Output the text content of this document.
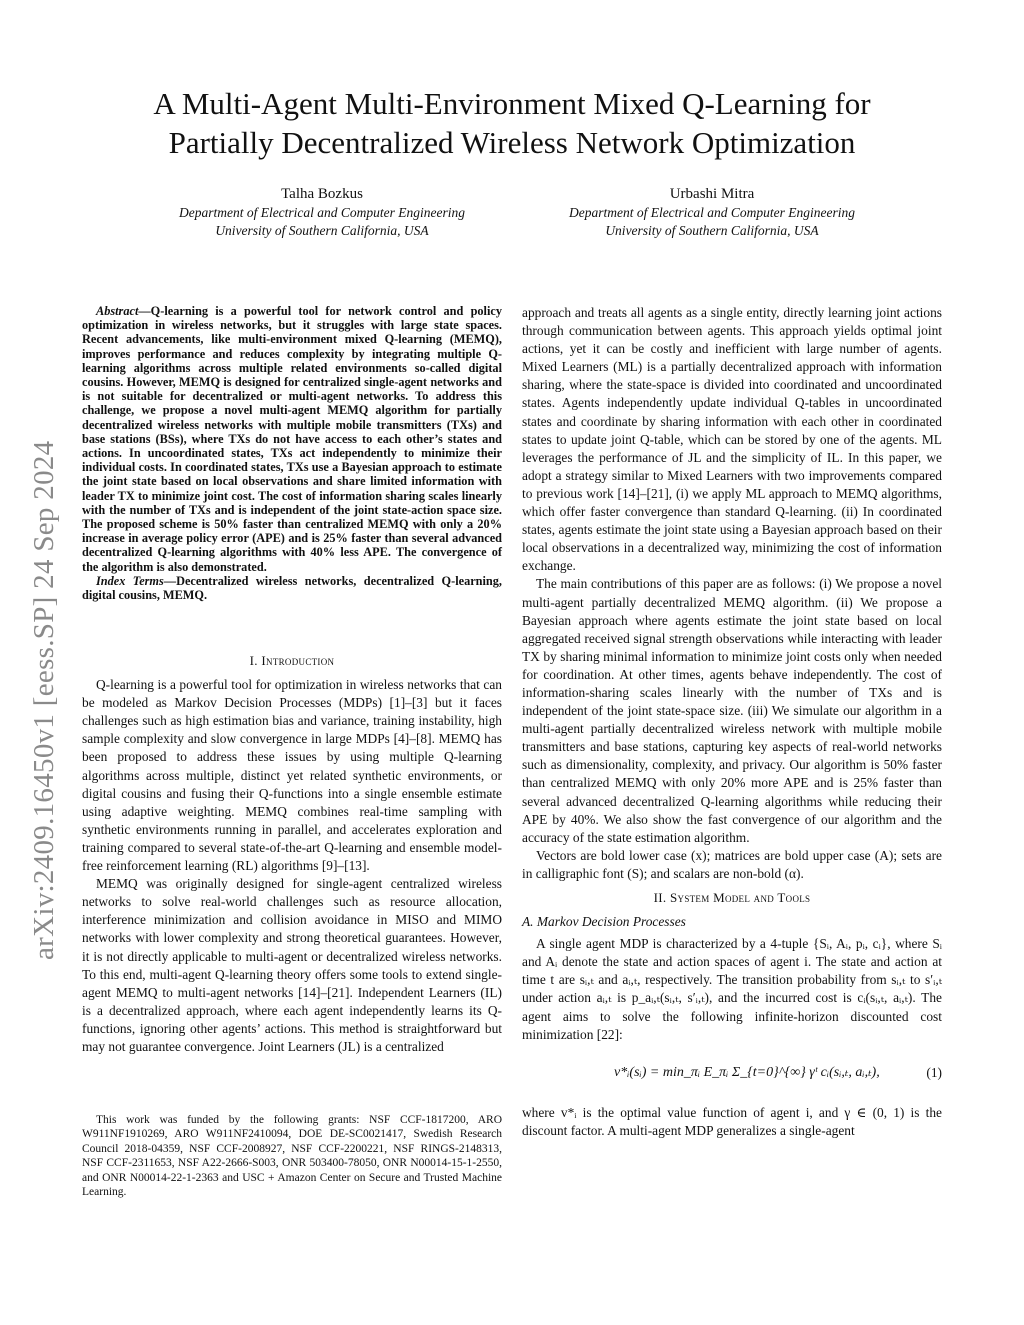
arXiv:2409.16450v1 [eess.SP] 24 Sep 2024
A Multi-Agent Multi-Environment Mixed Q-Learning for
Partially Decentralized Wireless Network Optimization
Talha Bozkus
Department of Electrical and Computer Engineering
University of Southern California, USA
Urbashi Mitra
Department of Electrical and Computer Engineering
University of Southern California, USA

Abstract—Q-learning is a powerful tool for network control and policy optimization in wireless networks, but it struggles with large state spaces. Recent advancements, like multi-environment mixed Q-learning (MEMQ), improves performance and reduces complexity by integrating multiple Q-learning algorithms across multiple related environments so-called digital cousins. However, MEMQ is designed for centralized single-agent networks and is not suitable for decentralized or multi-agent networks. To address this challenge, we propose a novel multi-agent MEMQ algorithm for partially decentralized wireless networks with multiple mobile transmitters (TXs) and base stations (BSs), where TXs do not have access to each other’s states and actions. In uncoordinated states, TXs act independently to minimize their individual costs. In coordinated states, TXs use a Bayesian approach to estimate the joint state based on local observations and share limited information with leader TX to minimize joint cost. The cost of information sharing scales linearly with the number of TXs and is independent of the joint state-action space size. The proposed scheme is 50% faster than centralized MEMQ with only a 20% increase in average policy error (APE) and is 25% faster than several advanced decentralized Q-learning algorithms with 40% less APE. The convergence of the algorithm is also demonstrated.

Index Terms—Decentralized wireless networks, decentralized Q-learning, digital cousins, MEMQ.

I. Introduction

Q-learning is a powerful tool for optimization in wireless networks that can be modeled as Markov Decision Processes (MDPs) [1]–[3] but it faces challenges such as high estimation bias and variance, training instability, high sample complexity and slow convergence in large MDPs [4]–[8]. MEMQ has been proposed to address these issues by using multiple Q-learning algorithms across multiple, distinct yet related synthetic environments, or digital cousins and fusing their Q-functions into a single ensemble estimate using adaptive weighting. MEMQ combines real-time sampling with synthetic environments running in parallel, and accelerates exploration and training compared to several state-of-the-art Q-learning and ensemble model-free reinforcement learning (RL) algorithms [9]–[13].

MEMQ was originally designed for single-agent centralized wireless networks to solve real-world challenges such as resource allocation, interference minimization and collision avoidance in MISO and MIMO networks with lower complexity and strong theoretical guarantees. However, it is not directly applicable to multi-agent or decentralized wireless networks. To this end, multi-agent Q-learning theory offers some tools to extend single-agent MEMQ to multi-agent networks [14]–[21]. Independent Learners (IL) is a decentralized approach, where each agent independently learns its Q-functions, ignoring other agents’ actions. This method is straightforward but may not guarantee convergence. Joint Learners (JL) is a centralized

This work was funded by the following grants: NSF CCF-1817200, ARO W911NF1910269, ARO W911NF2410094, DOE DE-SC0021417, Swedish Research Council 2018-04359, NSF CCF-2008927, NSF CCF-2200221, NSF RINGS-2148313, NSF CCF-2311653, NSF A22-2666-S003, ONR 503400-78050, ONR N00014-15-1-2550, and ONR N00014-22-1-2363 and USC + Amazon Center on Secure and Trusted Machine Learning.

approach and treats all agents as a single entity, directly learning joint actions through communication between agents. This approach yields optimal joint actions, yet it can be costly and inefficient with large number of agents. Mixed Learners (ML) is a partially decentralized approach with information sharing, where the state-space is divided into coordinated and uncoordinated states. Agents independently update individual Q-tables in uncoordinated states and coordinate by sharing information with each other in coordinated states to update joint Q-table, which can be stored by one of the agents. ML leverages the performance of JL and the simplicity of IL. In this paper, we adopt a strategy similar to Mixed Learners with two improvements compared to previous work [14]–[21], (i) we apply ML approach to MEMQ algorithms, which offer faster convergence than standard Q-learning. (ii) In coordinated states, agents estimate the joint state using a Bayesian approach based on their local observations in a decentralized way, minimizing the cost of information exchange.

The main contributions of this paper are as follows: (i) We propose a novel multi-agent partially decentralized MEMQ algorithm. (ii) We propose a Bayesian approach where agents estimate the joint state based on local aggregated received signal strength observations while interacting with leader TX by sharing minimal information to minimize joint costs only when needed for coordination. At other times, agents behave independently. The cost of information-sharing scales linearly with the number of TXs and is independent of the joint state-space size. (iii) We simulate our algorithm in a multi-agent partially decentralized wireless network with multiple mobile transmitters and base stations, capturing key aspects of real-world networks such as dimensionality, complexity, and privacy. Our algorithm is 50% faster than centralized MEMQ with only 20% more APE and is 25% faster than several advanced decentralized Q-learning algorithms while reducing their APE by 40%. We also show the fast convergence of our algorithm and the accuracy of the state estimation algorithm.

Vectors are bold lower case (x); matrices are bold upper case (A); sets are in calligraphic font (S); and scalars are non-bold (α).

II. System Model and Tools
A. Markov Decision Processes

A single agent MDP is characterized by a 4-tuple {Sᵢ, Aᵢ, pᵢ, cᵢ}, where Sᵢ and Aᵢ denote the state and action spaces of agent i. The state and action at time t are sᵢ,ₜ and aᵢ,ₜ, respectively. The transition probability from sᵢ,ₜ to s′ᵢ,ₜ under action aᵢ,ₜ is p_aᵢ,ₜ(sᵢ,ₜ, s′ᵢ,ₜ), and the incurred cost is cᵢ(sᵢ,ₜ, aᵢ,ₜ). The agent aims to solve the following infinite-horizon discounted cost minimization [22]:

v*ᵢ(sᵢ) = min_πᵢ E_πᵢ Σ_{t=0}^{∞} γᵗ cᵢ(sᵢ,ₜ, aᵢ,ₜ),	(1)

where v*ᵢ is the optimal value function of agent i, and γ ∈ (0, 1) is the discount factor. A multi-agent MDP generalizes a single-agent
